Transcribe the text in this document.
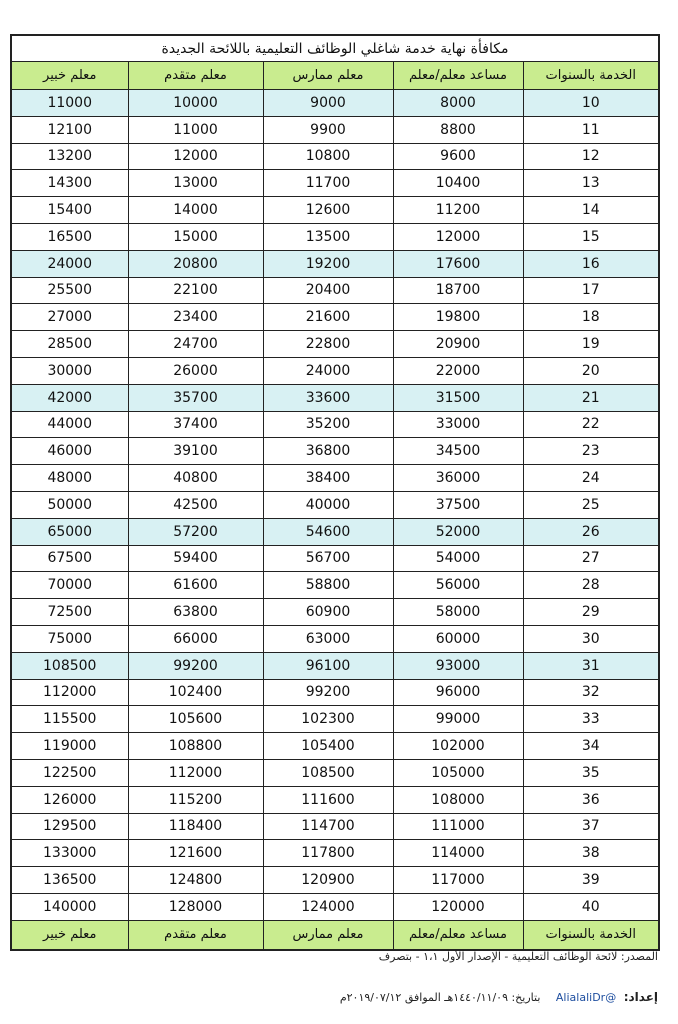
مكافأة نهاية خدمة شاغلي الوظائف التعليمية باللائحة الجديدة				
الخدمة بالسنوات	مساعد معلم/معلم	معلم ممارس	معلم متقدم	معلم خبير
10	8000	9000	10000	11000
11	8800	9900	11000	12100
12	9600	10800	12000	13200
13	10400	11700	13000	14300
14	11200	12600	14000	15400
15	12000	13500	15000	16500
16	17600	19200	20800	24000
17	18700	20400	22100	25500
18	19800	21600	23400	27000
19	20900	22800	24700	28500
20	22000	24000	26000	30000
21	31500	33600	35700	42000
22	33000	35200	37400	44000
23	34500	36800	39100	46000
24	36000	38400	40800	48000
25	37500	40000	42500	50000
26	52000	54600	57200	65000
27	54000	56700	59400	67500
28	56000	58800	61600	70000
29	58000	60900	63800	72500
30	60000	63000	66000	75000
31	93000	96100	99200	108500
32	96000	99200	102400	112000
33	99000	102300	105600	115500
34	102000	105400	108800	119000
35	105000	108500	112000	122500
36	108000	111600	115200	126000
37	111000	114700	118400	129500
38	114000	117800	121600	133000
39	117000	120900	124800	136500
40	120000	124000	128000	140000
الخدمة بالسنوات	مساعد معلم/معلم	معلم ممارس	معلم متقدم	معلم خبير
المصدر: لائحة الوظائف التعليمية - الإصدار الأول ١،١ - بتصرف
إعداد: @AlialaliDr بتاريخ: ١٤٤٠/١١/٠٩هـ الموافق ٢٠١٩/٠٧/١٢م
